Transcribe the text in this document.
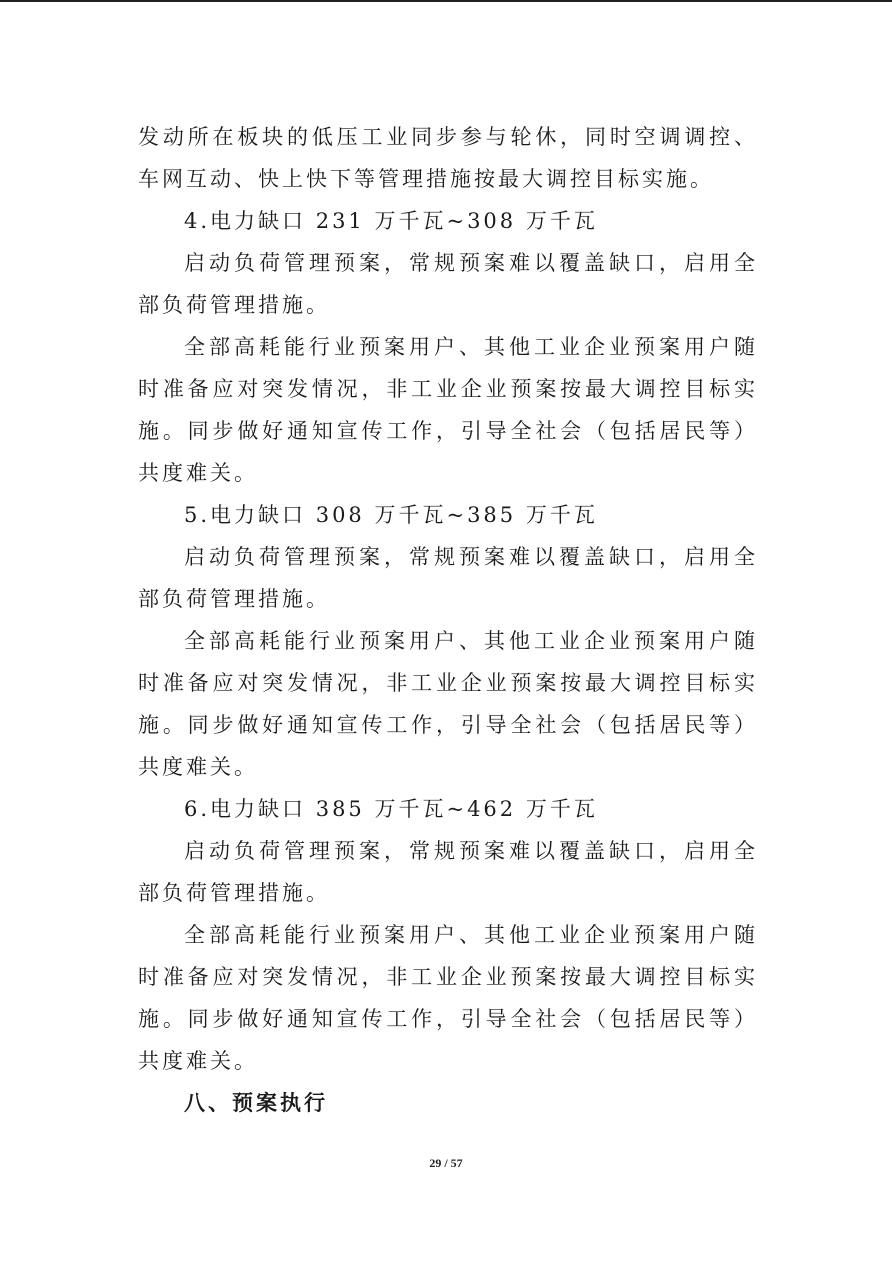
发动所在板块的低压工业同步参与轮休，同时空调调控、车网互动、快上快下等管理措施按最大调控目标实施。

4.电力缺口 231 万千瓦~308 万千瓦

启动负荷管理预案，常规预案难以覆盖缺口，启用全部负荷管理措施。

全部高耗能行业预案用户、其他工业企业预案用户随时准备应对突发情况，非工业企业预案按最大调控目标实施。同步做好通知宣传工作，引导全社会（包括居民等）共度难关。

5.电力缺口 308 万千瓦~385 万千瓦

启动负荷管理预案，常规预案难以覆盖缺口，启用全部负荷管理措施。

全部高耗能行业预案用户、其他工业企业预案用户随时准备应对突发情况，非工业企业预案按最大调控目标实施。同步做好通知宣传工作，引导全社会（包括居民等）共度难关。

6.电力缺口 385 万千瓦~462 万千瓦

启动负荷管理预案，常规预案难以覆盖缺口，启用全部负荷管理措施。

全部高耗能行业预案用户、其他工业企业预案用户随时准备应对突发情况，非工业企业预案按最大调控目标实施。同步做好通知宣传工作，引导全社会（包括居民等）共度难关。

八、预案执行

29 / 57
